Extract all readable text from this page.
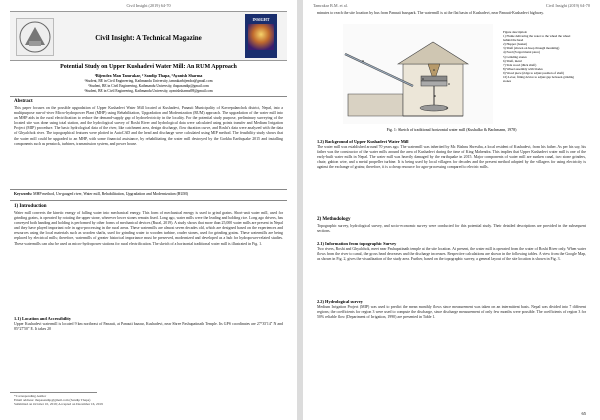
Civil Insight (2019) 64-70
Civil Insight: A Technical Magazine
INSIGHT
Potential Study on Upper Kushadevi Water Mill: An RUM Approach
¹Bijendra Man Tamrakar, ² Sandip Thapa, ³Ayanish Sharma
¹Student, BE in Civil Engineering, Kathmandu University, tamrakarbijendra@gmail.com
²Student, BE in Civil Engineering, Kathmandu University, thapasandip@gmail.com
³Student, BE in Civil Engineering, Kathmandu University, ayanishsharma98@gmail.com
Abstract
This paper focuses on the possible upgradation of Upper Kushadevi Water Mill located at Kushadevi, Panauti Municipality of Kavrepalanchok district, Nepal, into a multipurpose run-of-river Micro-hydropower Plant (MHP) using Rehabilitation, Upgradation and Modernization (RUM) approach. The upgradation of the water mill into an MHP aids in the rural electrification to reduce the demand-supply gap of hydroelectricity in the locality. For the potential study purpose, preliminary surveying of the located site was done using total station, and the hydrological survey of Roshi River and hydrological data were calculated using points transfer and Medium Irrigation Project (MIP) procedure. The basic hydrological data of the river, like catchment area, design discharge, flow duration curve, and Roshi's data were analyzed with the data of Ghyalchok river. The topographical features were plotted in AutoCAD and the head and discharge were calculated using MIP method. The feasibility study shows that the water mill could be upgraded to an MHP, with some financial assistance, by rehabilitating the water mill destroyed by the Gorkha Earthquake 2015 and installing components such as penstock, turbines, transmission system, and power house.
Keywords: MHP method, Un-gauged river, Water mill, Rehabilitation, Upgradation and Modernization (RUM)
1) Introduction
Water mill converts the kinetic energy of falling water into mechanical energy. This form of mechanical energy is used to grind grains. Short-unit water mill, used for grinding grains, is operated by rotating the upper stone, wherever lower stones remain fixed. Long ago, water mills were the leading and holding rice. Long ago drivers, has conveyed both handing and holding is performed by other forms of mechanical devices (Rural, 2019). A study shows that more than 25,000 water mills are present in Nepal and they have played important role in agro-processing in the rural areas. These watermills are almost seven decades old, which are designed based on the experiences and resources using the local materials such as wooden shafts, used for grinding water to wooden turbine, cruder stones, used for grinding grains. These watermills are being replaced by electrical mills; therefore, watermills of greater historical importance must be preserved, modernized and developed as a hub for hydropower-related studies. These watermills can also be used as micro-hydropower stations for rural electrification. The sketch of a horizontal traditional water mill is illustrated in Fig. 1.
1.1) Location and Accessibility
Upper Kushadevi watermill is located 9 km northeast of Panauti, at Panauti bazaar, Kushadevi, near Shree Pashupatinath Temple. Its GPS coordinates are 27°35'14" N and 85°27'50" E. It takes 20
*Corresponding Author
Email address: thapasandip@gmail.com (Sandip Thapa)
Submitted on October 10, 2019; Accepted on December 16, 2019
Tamrakar B.M. et al.	Civil Insight (2019) 64-70
minutes to reach the site location by bus from Panauti busspark. The watermill is at the flat basin of Kushadevi, near Panauti-Kushadevi highway.
Figure description:
1) Flume delivering the water to the wheel the wheel behind the head
2) Hopper (basket)
3) Shaft (shown on hoop through mounting)
4) Feed (Forged metal piece)
5) Grinding stones
6) Shaft, metal
7) Side wood (thick shaft)
8) Wheel assembly with blades
9) Wood piece (ridge to adjust position of shaft)
10) Lever, fitting device to adjust gap between grinding stones
Fig. 1: Sketch of traditional horizontal water mill (Kushalko & Bachmann, 1978)
1.2) Background of Upper Kushadevi Water Mill
The water mill was established around 70 years ago. The watermill was inherited by Mr. Bishnu Shrestha, a local resident of Kushadevi, from his father. As per his say, his father was the constructor of the water mills around the area of Kushadevi during the time of King Mahendra. This implies that Upper Kushadevi water mill is one of the early-built water mills in Nepal. The water mill was heavily damaged by the earthquake in 2015. Major components of water mill are sunken canal, two stone grinders, chute, gabion wire, and a metal propeller turbine. It is being used by local villagers for decades and the present method adopted by the villagers for using electricity is against the exchange of grains; therefore, it is a cheap resource for agro-processing compared to electric mills.
2) Methodology
Topographic survey, hydrological survey, and socio-economic survey were conducted for this potential study. Their detailed descriptions are provided in the subsequent sections.
2.1) Information from topographic Survey
Two rivers, Roshi and Ghyalchok, meet near Pashupatinath temple at the site location. At present, the water mill is operated from the water of Roshi River only. When water flows from the river to canal, the gross head decreases and the discharge increases. Respective calculations are shown in the following tables. A view from the Google Map, as shown in Fig. 2, gives the visualization of the study area. Further, based on the topographic survey, a general layout of the site location is shown in Fig. 3.
2.2) Hydrological survey
Medium Irrigation Project (MIP) was used to predict the mean monthly flows since measurement was taken on an intermittent basis. Nepal was divided into 7 different regions; the coefficients for region 3 were used to compute the discharge, since discharge measurement of only few months were possible. The coefficients of region 3 for 50% reliable flow (Department of Irrigation, 1990) are presented in Table 1.
65
